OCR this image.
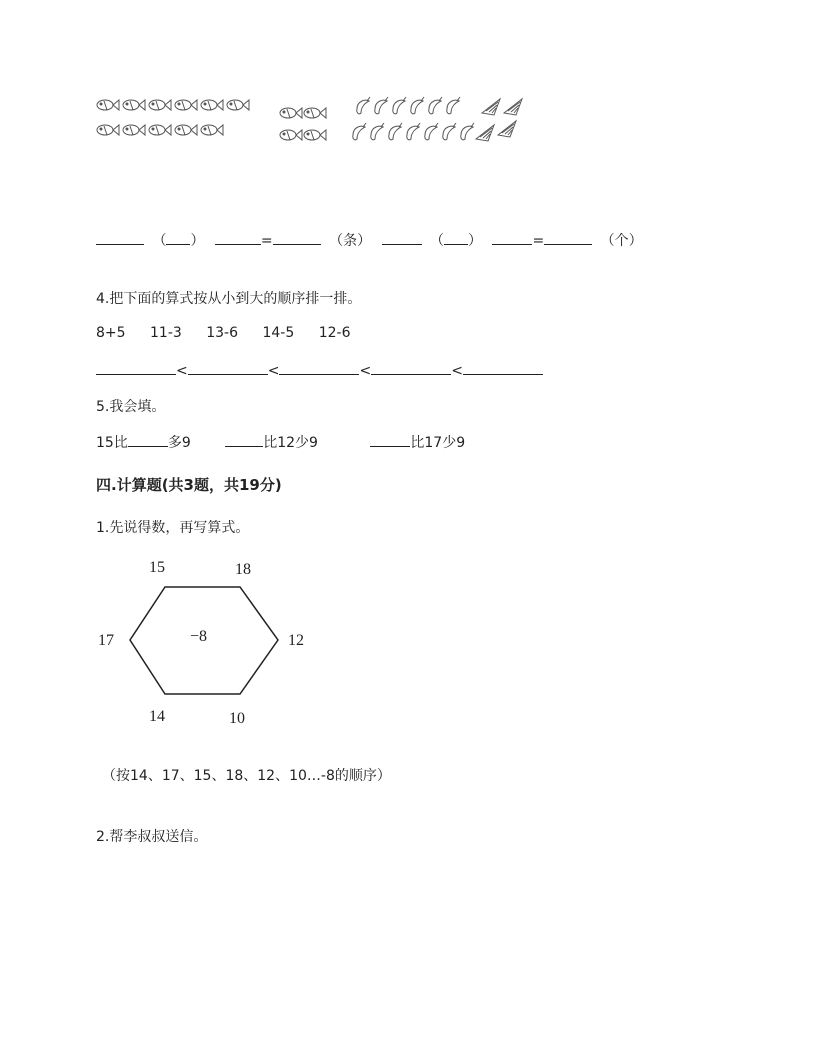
（ ）	=	（条）	（ ）	=	（个）
4.把下面的算式按从小到大的顺序排一排。
8+5 11-3 13-6 14-5 12-6
<	<	<	<
5.我会填。
15比	多9	比12少9	比17少9
四.计算题(共3题，共19分)
1.先说得数，再写算式。
−8
15	18
17	12
14	10
（按14、17、15、18、12、10…-8的顺序）
2.帮李叔叔送信。
